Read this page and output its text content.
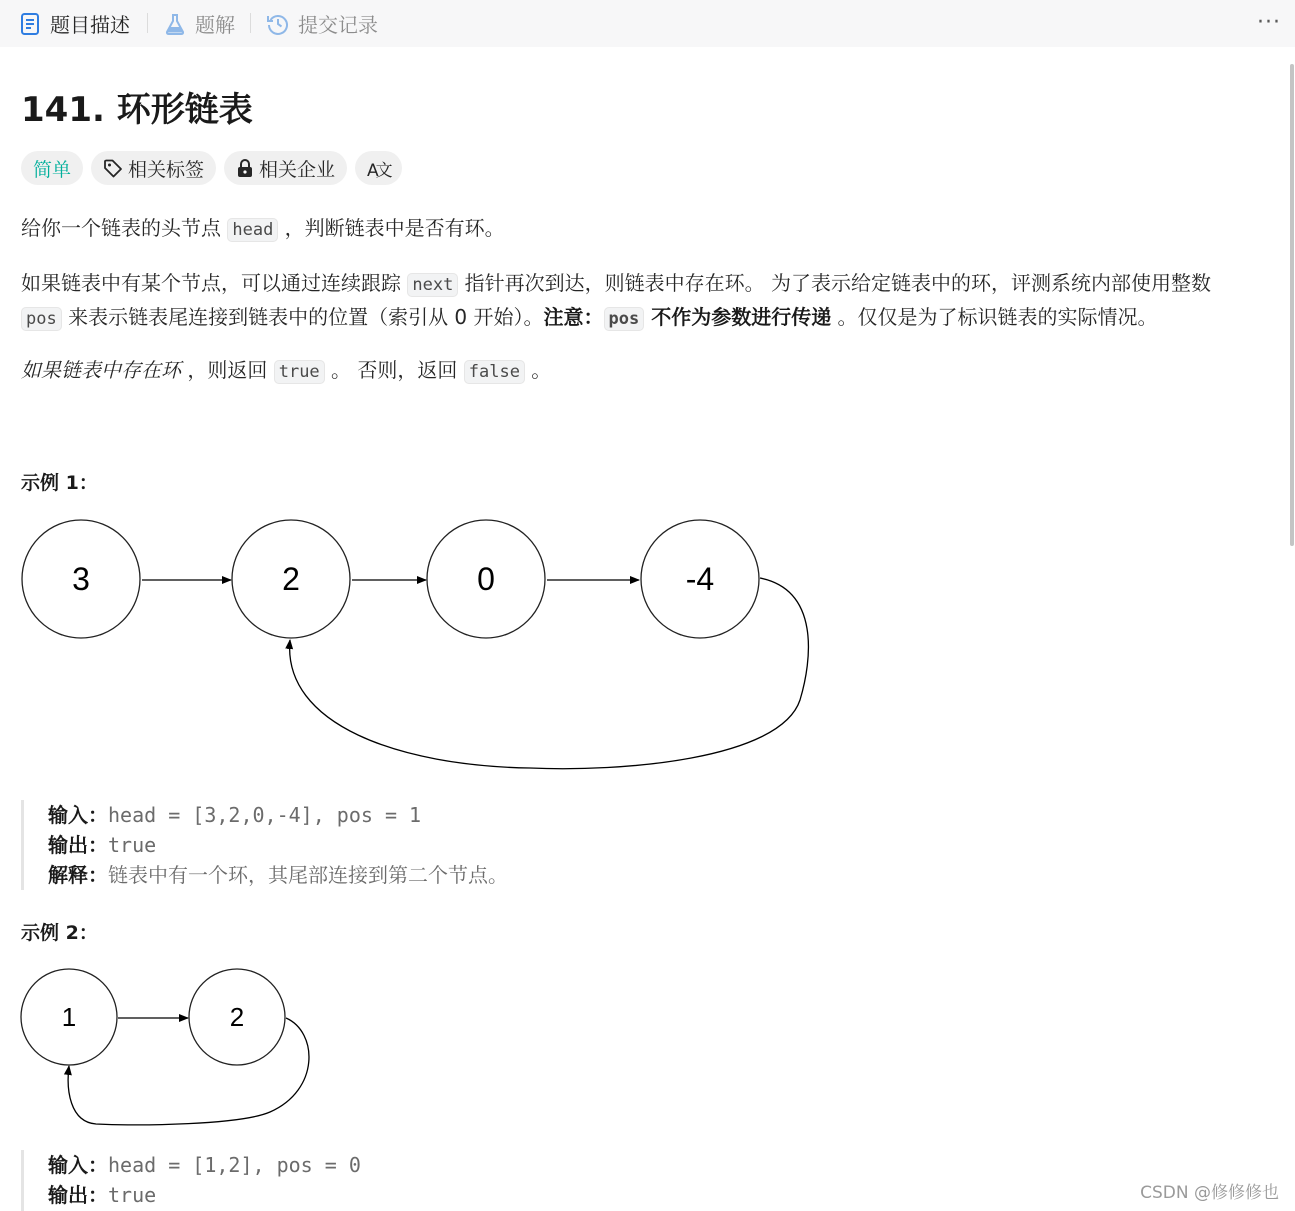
题目描述	题解	提交记录	···
141. 环形链表
简单	相关标签	相关企业 A文
给你一个链表的头节点 head ，判断链表中是否有环。
如果链表中有某个节点，可以通过连续跟踪 next 指针再次到达，则链表中存在环。 为了表示给定链表中的环，评测系统内部使用整数
pos 来表示链表尾连接到链表中的位置（索引从 0 开始）。注意： pos 不作为参数进行传递 。仅仅是为了标识链表的实际情况。
如果链表中存在环 ，则返回 true 。 否则，返回 false 。
示例 1：
3	2	0	-4
输入：head = [3,2,0,-4], pos = 1
输出：true
解释：链表中有一个环，其尾部连接到第二个节点。
示例 2：
1	2
输入：head = [1,2], pos = 0
输出：true	CSDN @修修修也
